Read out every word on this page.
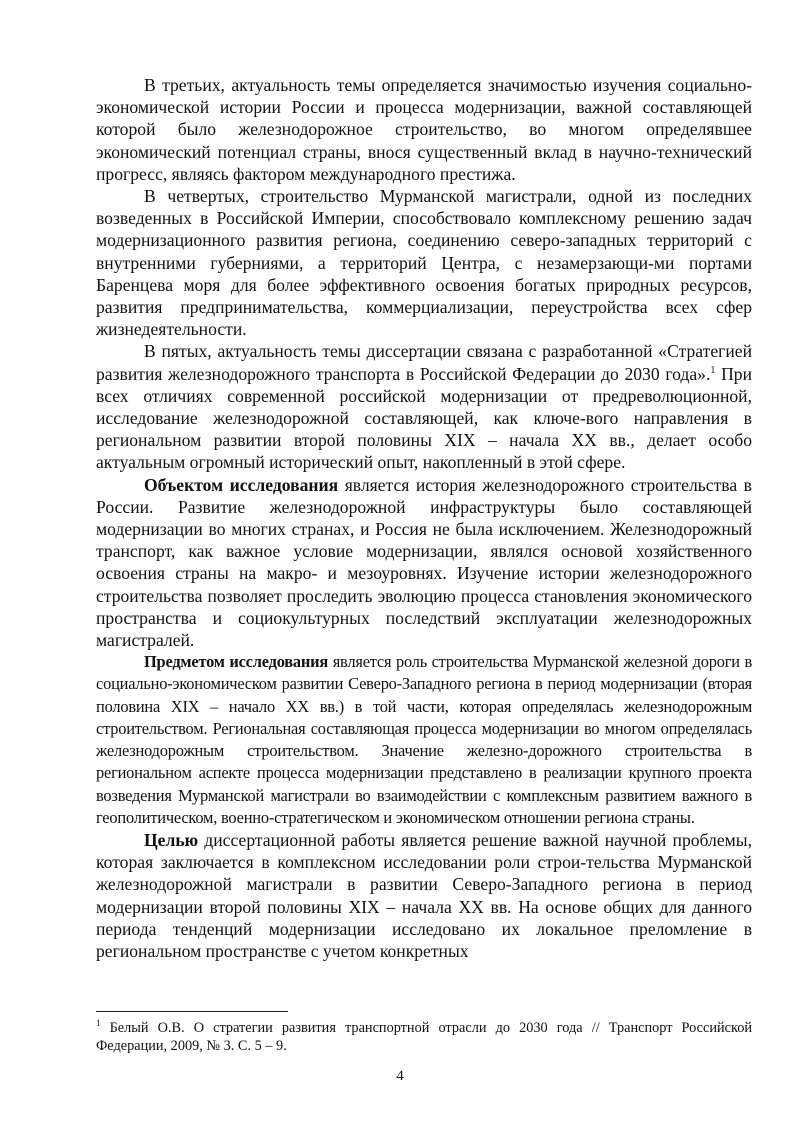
В третьих, актуальность темы определяется значимостью изучения социально-экономической истории России и процесса модернизации, важной составляющей которой было железнодорожное строительство, во многом определявшее экономический потенциал страны, внося существенный вклад в научно-технический прогресс, являясь фактором международного престижа.

В четвертых, строительство Мурманской магистрали, одной из последних возведенных в Российской Империи, способствовало комплексному решению задач модернизационного развития региона, соединению северо-западных территорий с внутренними губерниями, а территорий Центра, с незамерзающи-ми портами Баренцева моря для более эффективного освоения богатых природных ресурсов, развития предпринимательства, коммерциализации, переустройства всех сфер жизнедеятельности.

В пятых, актуальность темы диссертации связана с разработанной «Стратегией развития железнодорожного транспорта в Российской Федерации до 2030 года».$^1$ При всех отличиях современной российской модернизации от предреволюционной, исследование железнодорожной составляющей, как ключе-вого направления в региональном развитии второй половины XIX – начала XX вв., делает особо актуальным огромный исторический опыт, накопленный в этой сфере.

Объектом исследования является история железнодорожного строительства в России. Развитие железнодорожной инфраструктуры было составляющей модернизации во многих странах, и Россия не была исключением. Железнодорожный транспорт, как важное условие модернизации, являлся основой хозяйственного освоения страны на макро- и мезоуровнях. Изучение истории железнодорожного строительства позволяет проследить эволюцию процесса становления экономического пространства и социокультурных последствий эксплуатации железнодорожных магистралей.

Предметом исследования является роль строительства Мурманской железной дороги в социально-экономическом развитии Северо-Западного региона в период модернизации (вторая половина XIX – начало XX вв.) в той части, которая определялась железнодорожным строительством. Региональная составляющая процесса модернизации во многом определялась железнодорожным строительством. Значение железно-дорожного строительства в региональном аспекте процесса модернизации представлено в реализации крупного проекта возведения Мурманской магистрали во взаимодействии с комплексным развитием важного в геополитическом, военно-стратегическом и экономическом отношении региона страны.

Целью диссертационной работы является решение важной научной проблемы, которая заключается в комплексном исследовании роли строи-тельства Мурманской железнодорожной магистрали в развитии Северо-Западного региона в период модернизации второй половины XIX – начала XX вв. На основе общих для данного периода тенденций модернизации исследовано их локальное преломление в региональном пространстве с учетом конкретных

$^1$ Белый О.В. О стратегии развития транспортной отрасли до 2030 года // Транспорт Российской Федерации, 2009, № 3. С. 5 – 9.
4
